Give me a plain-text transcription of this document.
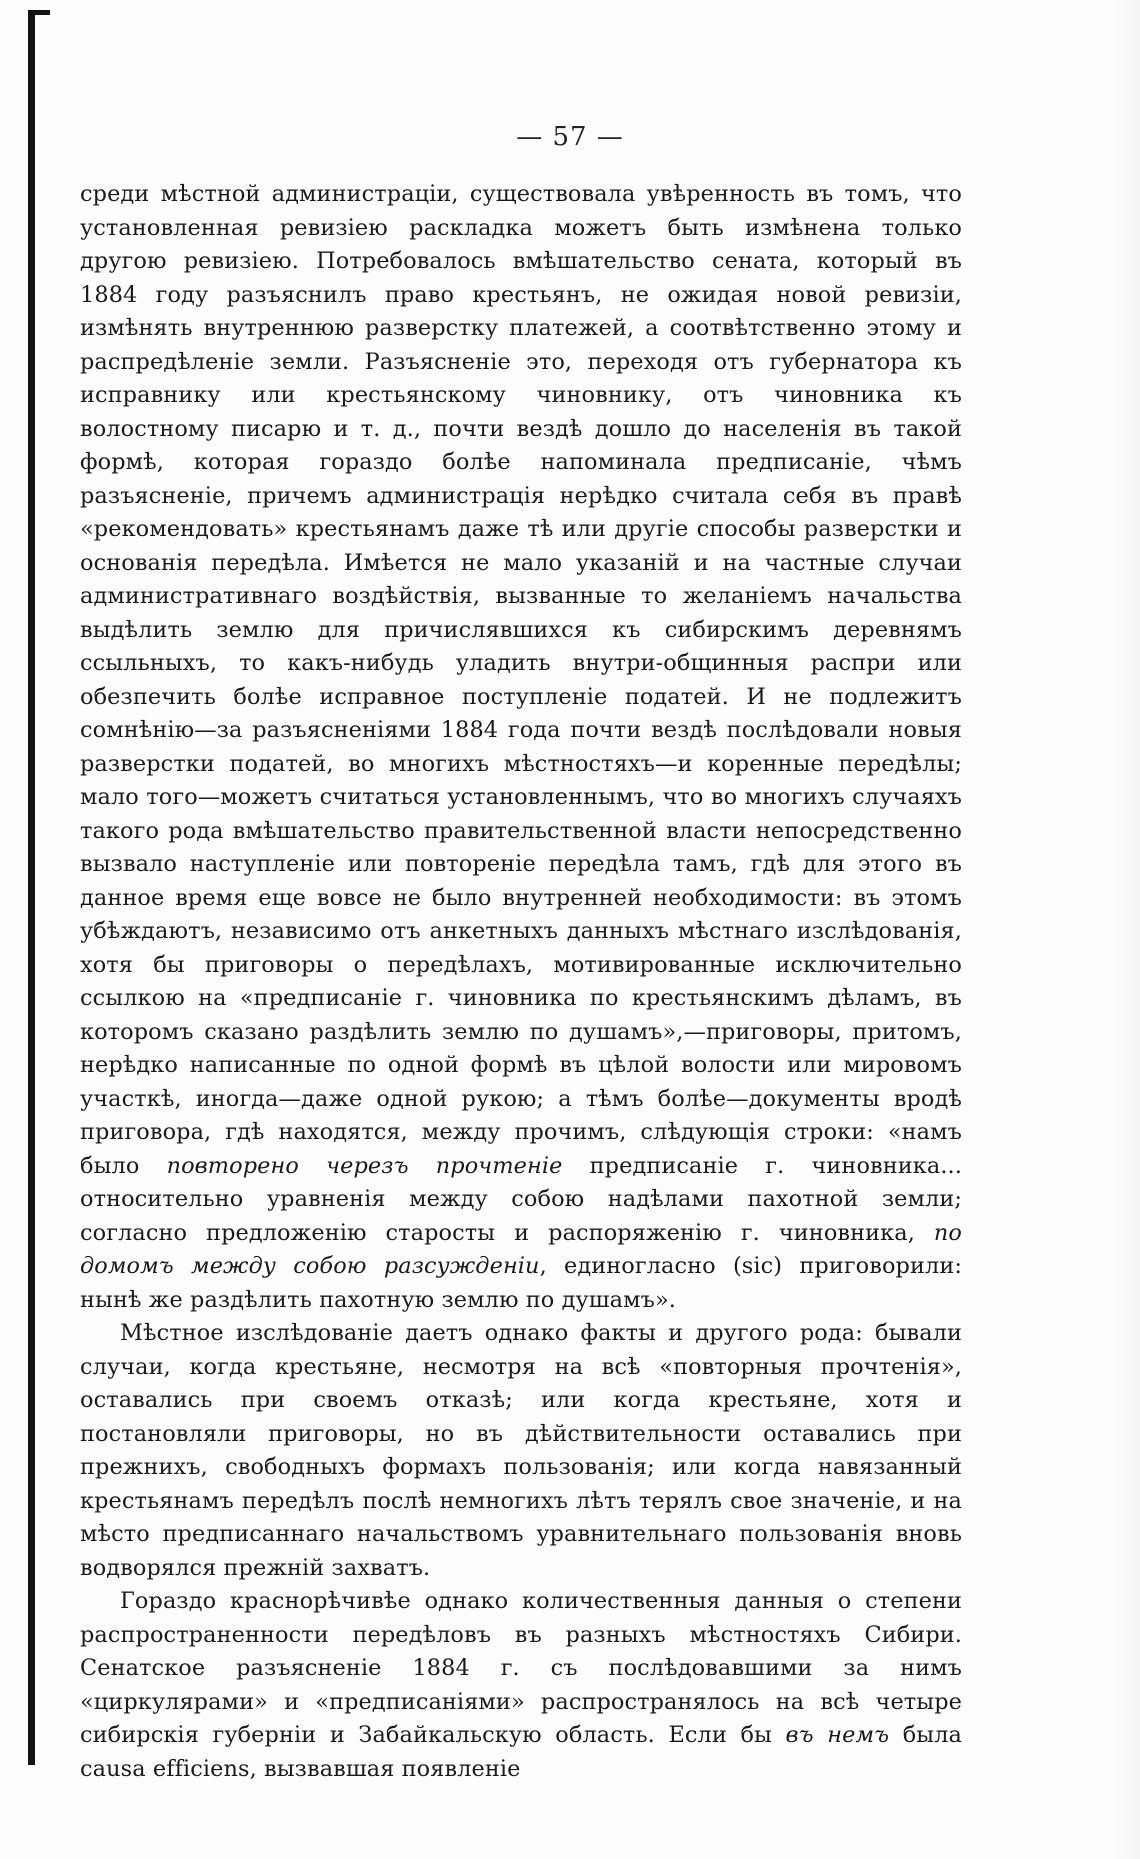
— 57 —

среди мѣстной администраціи, существовала увѣренность въ томъ, что установленная ревизіею раскладка можетъ быть измѣнена только другою ревизіею. Потребовалось вмѣшательство сената, который въ 1884 году разъяснилъ право крестьянъ, не ожидая новой ревизіи, измѣнять внутреннюю разверстку платежей, а соотвѣтственно этому и распредѣленіе земли. Разъясненіе это, переходя отъ губернатора къ исправнику или крестьянскому чиновнику, отъ чиновника къ волостному писарю и т. д., почти вездѣ дошло до населенія въ такой формѣ, которая гораздо болѣе напоминала предписаніе, чѣмъ разъясненіе, причемъ администрація нерѣдко считала себя въ правѣ «рекомендовать» крестьянамъ даже тѣ или другіе способы разверстки и основанія передѣла. Имѣется не мало указаній и на частные случаи административнаго воздѣйствія, вызванные то желаніемъ начальства выдѣлить землю для причислявшихся къ сибирскимъ деревнямъ ссыльныхъ, то какъ-нибудь уладить внутри-общинныя распри или обезпечить болѣе исправное поступленіе податей. И не подлежитъ сомнѣнію—за разъясненіями 1884 года почти вездѣ послѣдовали новыя разверстки податей, во многихъ мѣстностяхъ—и коренные передѣлы; мало того—можетъ считаться установленнымъ, что во многихъ случаяхъ такого рода вмѣшательство правительственной власти непосредственно вызвало наступленіе или повтореніе передѣла тамъ, гдѣ для этого въ данное время еще вовсе не было внутренней необходимости: въ этомъ убѣждаютъ, независимо отъ анкетныхъ данныхъ мѣстнаго изслѣдованія, хотя бы приговоры о передѣлахъ, мотивированные исключительно ссылкою на «предписаніе г. чиновника по крестьянскимъ дѣламъ, въ которомъ сказано раздѣлить землю по душамъ»,—приговоры, притомъ, нерѣдко написанные по одной формѣ въ цѣлой волости или мировомъ участкѣ, иногда—даже одной рукою; а тѣмъ болѣе—документы вродѣ приговора, гдѣ находятся, между прочимъ, слѣдующія строки: «намъ было повторено черезъ прочтеніе предписаніе г. чиновника... относительно уравненія между собою надѣлами пахотной земли; согласно предложенію старосты и распоряженію г. чиновника, по домомъ между собою разсужденіи, единогласно (sic) приговорили: нынѣ же раздѣлить пахотную землю по душамъ».

Мѣстное изслѣдованіе даетъ однако факты и другого рода: бывали случаи, когда крестьяне, несмотря на всѣ «повторныя прочтенія», оставались при своемъ отказѣ; или когда крестьяне, хотя и постановляли приговоры, но въ дѣйствительности оставались при прежнихъ, свободныхъ формахъ пользованія; или когда навязанный крестьянамъ передѣлъ послѣ немногихъ лѣтъ терялъ свое значеніе, и на мѣсто предписаннаго начальствомъ уравнительнаго пользованія вновь водворялся прежній захватъ.

Гораздо краснорѣчивѣе однако количественныя данныя о степени распространенности передѣловъ въ разныхъ мѣстностяхъ Сибири. Сенатское разъясненіе 1884 г. съ послѣдовавшими за нимъ «циркулярами» и «предписаніями» распространялось на всѣ четыре сибирскія губерніи и Забайкальскую область. Если бы въ немъ была causa efficiens, вызвавшая появленіе
